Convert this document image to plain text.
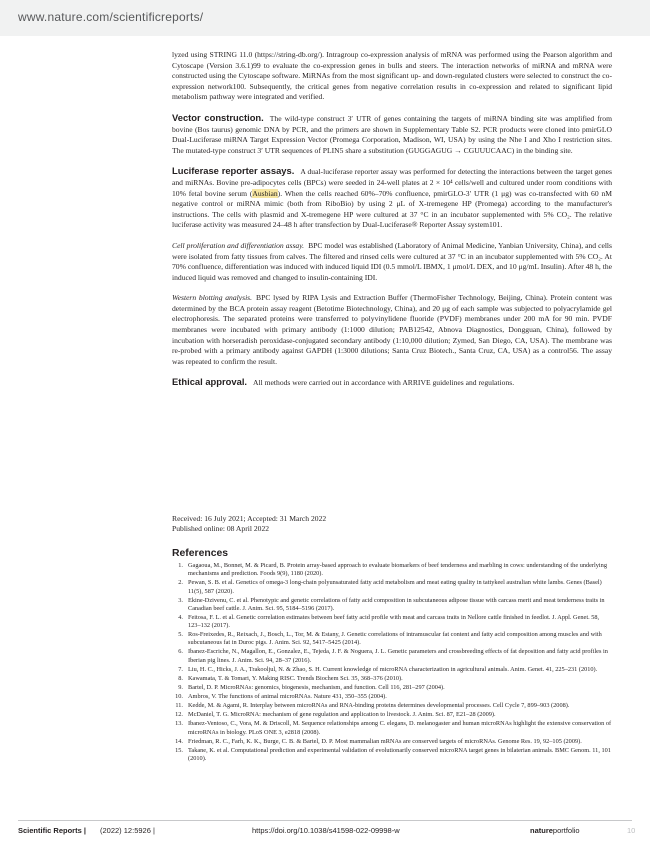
www.nature.com/scientificreports/

lyzed using STRING 11.0 (https://string-db.org/). Intragroup co-expression analysis of mRNA was performed using the Pearson algorithm and Cytoscape (Version 3.6.1)99 to evaluate the co-expression genes in bulls and steers. The interaction networks of miRNA and mRNA were constructed using the Cytoscape software. MiRNAs from the most significant up- and down-regulated clusters were selected to construct the co-expression network100. Subsequently, the critical genes from negative correlation results in co-expression and related to significant lipid metabolism pathway were integrated and verified.

Vector construction. The wild-type construct 3′ UTR of genes containing the targets of miRNA binding site was amplified from bovine (Bos taurus) genomic DNA by PCR, and the primers are shown in Supplementary Table S2. PCR products were cloned into pmirGLO Dual-Luciferase miRNA Target Expression Vector (Promega Corporation, Madison, WI, USA) by using the Nhe I and Xho I restriction sites. The mutated-type construct 3′ UTR sequences of PLIN5 share a substitution (GUGGAGUG → CGUUUCAAC) in the binding site.

Luciferase reporter assays. A dual-luciferase reporter assay was performed for detecting the interactions between the target genes and miRNAs. Bovine pre-adipocytes cells (BPCs) were seeded in 24-well plates at 2 × 10⁴ cells/well and cultured under room conditions with 10% fetal bovine serum (Ausbian). When the cells reached 60%–70% confluence, pmirGLO-3′ UTR (1 μg) was co-transfected with 60 nM negative control or miRNA mimic (both from RiboBio) by using 2 μL of X-tremegene HP (Promega) according to the manufacturer's instructions. The cells with plasmid and X-tremegene HP were cultured at 37 °C in an incubator supplemented with 5% CO₂. The relative luciferase activity was measured 24–48 h after transfection by Dual-Luciferase® Reporter Assay system101.

Cell proliferation and differentiation assay. BPC model was established (Laboratory of Animal Medicine, Yanbian University, China), and cells were isolated from fatty tissues from calves. The filtered and rinsed cells were cultured at 37 °C in an incubator supplemented with 5% CO₂. At 70% confluence, differentiation was induced with induced liquid IDI (0.5 mmol/L IBMX, 1 μmol/L DEX, and 10 μg/mL Insulin). After 48 h, the induced liquid was removed and changed to insulin-containing IDI.

Western blotting analysis. BPC lysed by RIPA Lysis and Extraction Buffer (ThermoFisher Technology, Beijing, China). Protein content was determined by the BCA protein assay reagent (Betotime Biotechnology, China), and 20 μg of each sample was subjected to polyacrylamide gel electrophoresis. The separated proteins were transferred to polyvinylidene fluoride (PVDF) membranes under 200 mA for 90 min. PVDF membranes were incubated with primary antibody (1:1000 dilution; PAB12542, Abnova Diagnostics, Dongguan, China), followed by incubation with horseradish peroxidase-conjugated secondary antibody (1:10,000 dilution; Zymed, San Diego, CA, USA). The membrane was re-probed with a primary antibody against GAPDH (1:3000 dilutions; Santa Cruz Biotech., Santa Cruz, CA, USA) as a control56. The assay was repeated to confirm the result.

Ethical approval. All methods were carried out in accordance with ARRIVE guidelines and regulations.

Received: 16 July 2021; Accepted: 31 March 2022
Published online: 08 April 2022
References
1. Gagaoua, M., Bonnet, M. & Picard, B. Protein array-based approach to evaluate biomarkers of beef tenderness and marbling in cows: understanding of the underlying mechanisms and prediction. Foods 9(9), 1180 (2020).
2. Pewan, S. B. et al. Genetics of omega-3 long-chain polyunsaturated fatty acid metabolism and meat eating quality in tattykeel australian white lambs. Genes (Basel) 11(5), 587 (2020).
3. Ekine-Dzivenu, C. et al. Phenotypic and genetic correlations of fatty acid composition in subcutaneous adipose tissue with carcass merit and meat tenderness traits in Canadian beef cattle. J. Anim. Sci. 95, 5184–5196 (2017).
4. Feitosa, F. L. et al. Genetic correlation estimates between beef fatty acid profile with meat and carcass traits in Nellore cattle finished in feedlot. J. Appl. Genet. 58, 123–132 (2017).
5. Ros-Freixedes, R., Reixach, J., Bosch, L., Tor, M. & Estany, J. Genetic correlations of intramuscular fat content and fatty acid composition among muscles and with subcutaneous fat in Duroc pigs. J. Anim. Sci. 92, 5417–5425 (2014).
6. Ibanez-Escriche, N., Magallon, E., Gonzalez, E., Tejeda, J. F. & Noguera, J. L. Genetic parameters and crossbreeding effects of fat deposition and fatty acid profiles in Iberian pig lines. J. Anim. Sci. 94, 28–37 (2016).
7. Liu, H. C., Hicks, J. A., Trakooljul, N. & Zhao, S. H. Current knowledge of microRNA characterization in agricultural animals. Anim. Genet. 41, 225–231 (2010).
8. Kawamata, T. & Tomari, Y. Making RISC. Trends Biochem Sci. 35, 368–376 (2010).
9. Bartel, D. P. MicroRNAs: genomics, biogenesis, mechanism, and function. Cell 116, 281–297 (2004).
10. Ambros, V. The functions of animal microRNAs. Nature 431, 350–355 (2004).
11. Kedde, M. & Agami, R. Interplay between microRNAs and RNA-binding proteins determines developmental processes. Cell Cycle 7, 899–903 (2008).
12. McDaniel, T. G. MicroRNA: mechanism of gene regulation and application to livestock. J. Anim. Sci. 87, E21–28 (2009).
13. Ibanez-Ventoso, C., Vora, M. & Driscoll, M. Sequence relationships among C. elegans, D. melanogaster and human microRNAs highlight the extensive conservation of microRNAs in biology. PLoS ONE 3, e2818 (2008).
14. Friedman, R. C., Farh, K. K., Burge, C. B. & Bartel, D. P. Most mammalian mRNAs are conserved targets of microRNAs. Genome Res. 19, 92–105 (2009).
15. Takane, K. et al. Computational prediction and experimental validation of evolutionarily conserved microRNA target genes in bilaterian animals. BMC Genom. 11, 101 (2010).
Scientific Reports | (2022) 12:5926 |	https://doi.org/10.1038/s41598-022-09998-w	natureportfolio	10
